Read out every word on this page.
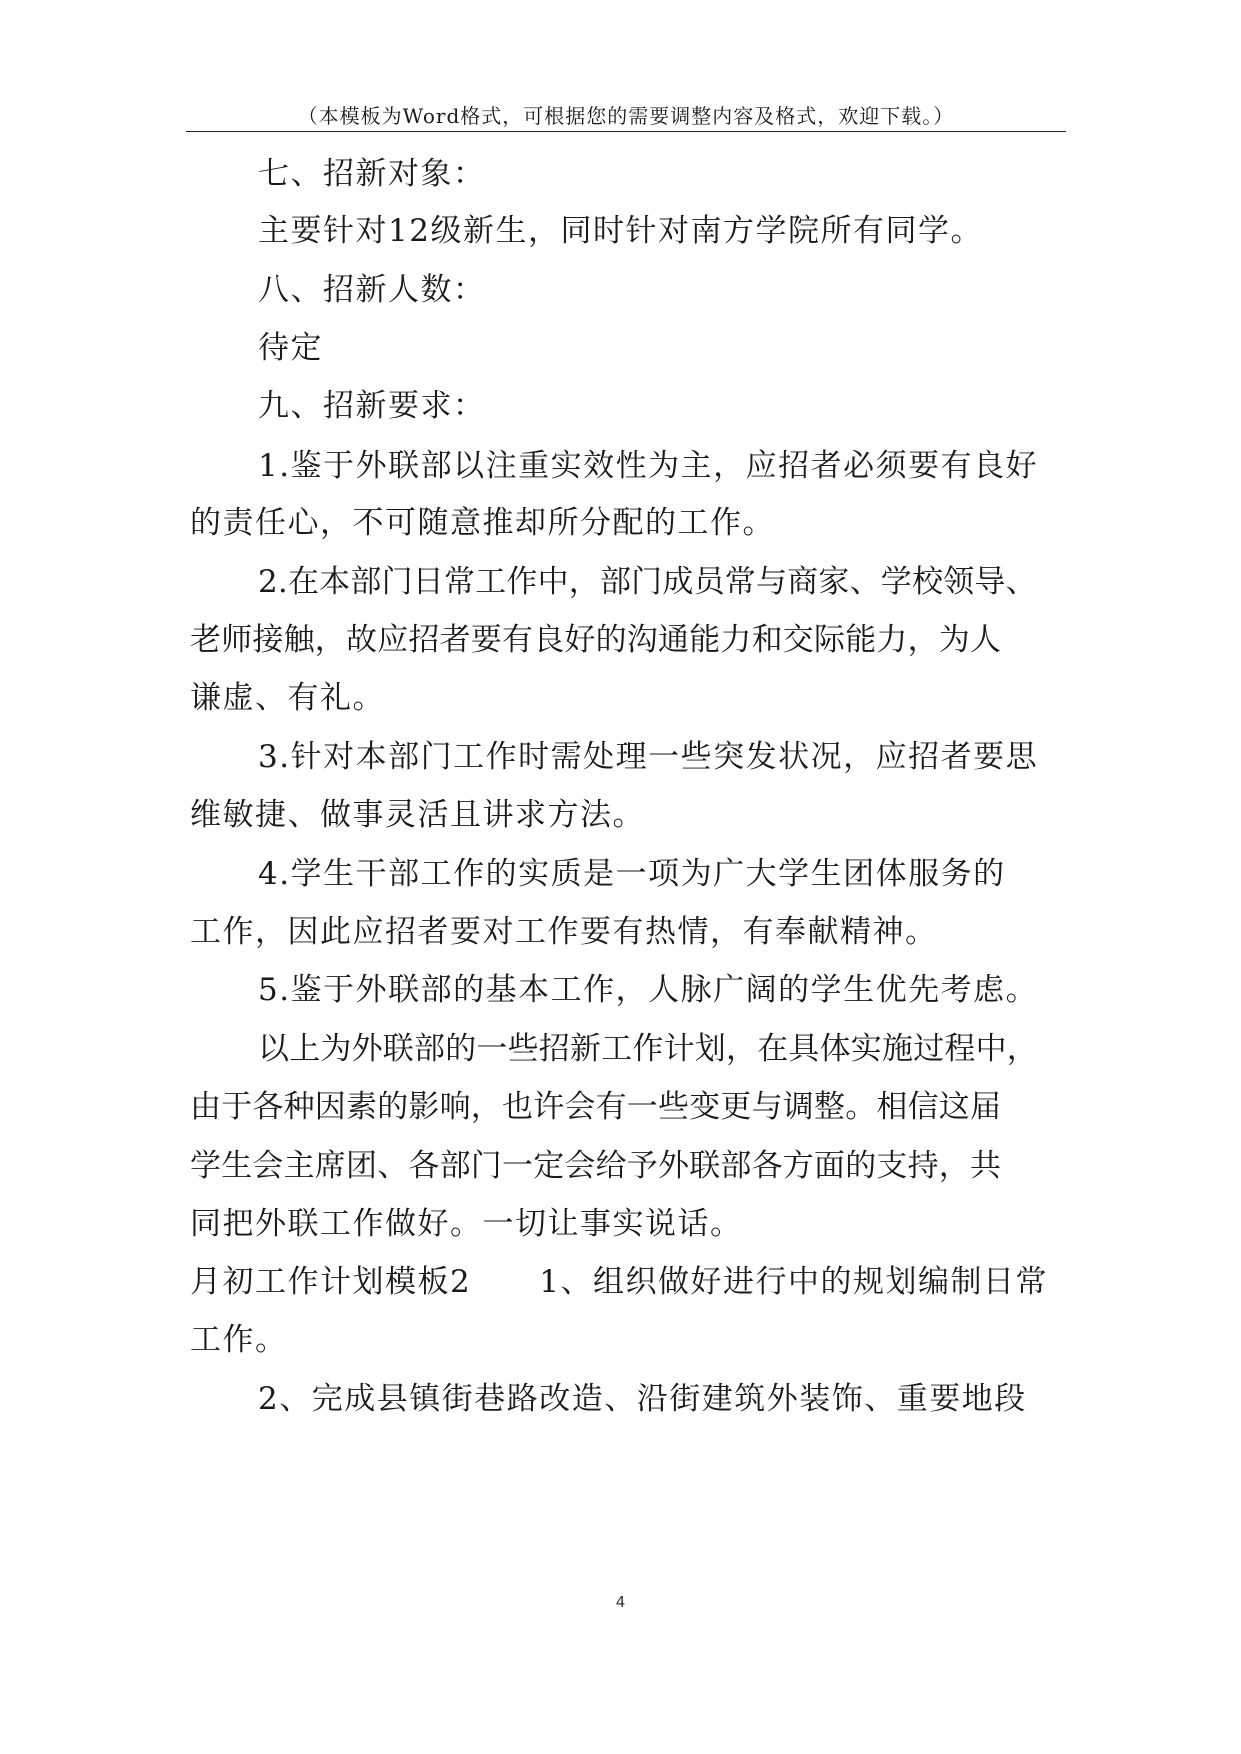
（本模板为Word格式，可根据您的需要调整内容及格式，欢迎下载。）
七、招新对象：
主要针对12级新生，同时针对南方学院所有同学。
八、招新人数：
待定
九、招新要求：
1.鉴于外联部以注重实效性为主，应招者必须要有良好
的责任心，不可随意推却所分配的工作。
2.在本部门日常工作中，部门成员常与商家、学校领导、
老师接触，故应招者要有良好的沟通能力和交际能力，为人
谦虚、有礼。
3.针对本部门工作时需处理一些突发状况，应招者要思
维敏捷、做事灵活且讲求方法。
4.学生干部工作的实质是一项为广大学生团体服务的
工作，因此应招者要对工作要有热情，有奉献精神。
5.鉴于外联部的基本工作，人脉广阔的学生优先考虑。
以上为外联部的一些招新工作计划，在具体实施过程中，
由于各种因素的影响，也许会有一些变更与调整。相信这届
学生会主席团、各部门一定会给予外联部各方面的支持，共
同把外联工作做好。一切让事实说话。
月初工作计划模板2 1、组织做好进行中的规划编制日常
工作。
2、完成县镇街巷路改造、沿街建筑外装饰、重要地段
4
